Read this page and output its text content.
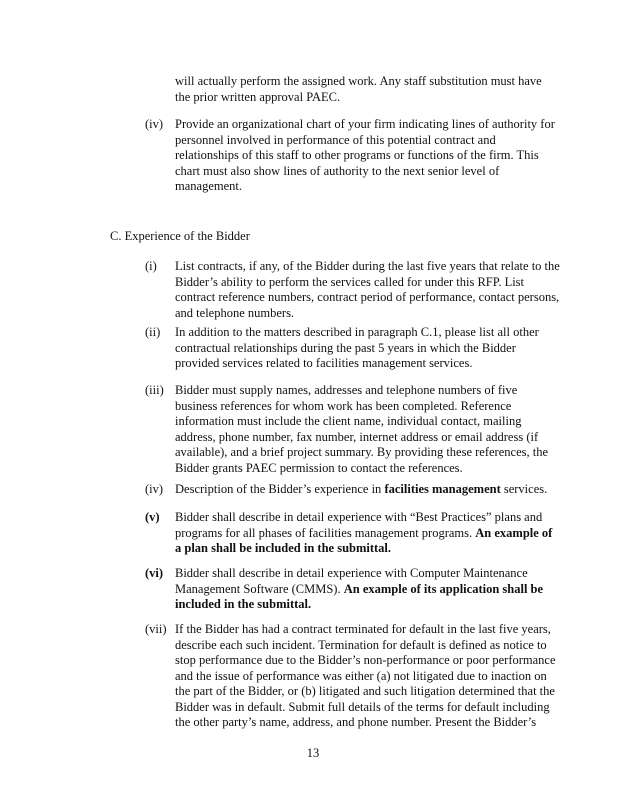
will actually perform the assigned work. Any staff substitution must have the prior written approval PAEC.

(iv) Provide an organizational chart of your firm indicating lines of authority for personnel involved in performance of this potential contract and relationships of this staff to other programs or functions of the firm. This chart must also show lines of authority to the next senior level of management.

C. Experience of the Bidder
(i)	List contracts, if any, of the Bidder during the last five years that relate to the Bidder’s ability to perform the services called for under this RFP. List contract reference numbers, contract period of performance, contact persons, and telephone numbers.

(ii)	In addition to the matters described in paragraph C.1, please list all other contractual relationships during the past 5 years in which the Bidder provided services related to facilities management services.

(iii) Bidder must supply names, addresses and telephone numbers of five business references for whom work has been completed. Reference information must include the client name, individual contact, mailing address, phone number, fax number, internet address or email address (if available), and a brief project summary. By providing these references, the Bidder grants PAEC permission to contact the references.

(iv) Description of the Bidder’s experience in facilities management services.

(v)	Bidder shall describe in detail experience with “Best Practices” plans and programs for all phases of facilities management programs. An example of a plan shall be included in the submittal.

(vi) Bidder shall describe in detail experience with Computer Maintenance Management Software (CMMS). An example of its application shall be included in the submittal.

(vii) If the Bidder has had a contract terminated for default in the last five years, describe each such incident. Termination for default is defined as notice to stop performance due to the Bidder’s non-performance or poor performance and the issue of performance was either (a) not litigated due to inaction on the part of the Bidder, or (b) litigated and such litigation determined that the Bidder was in default. Submit full details of the terms for default including the other party’s name, address, and phone number. Present the Bidder’s

13
